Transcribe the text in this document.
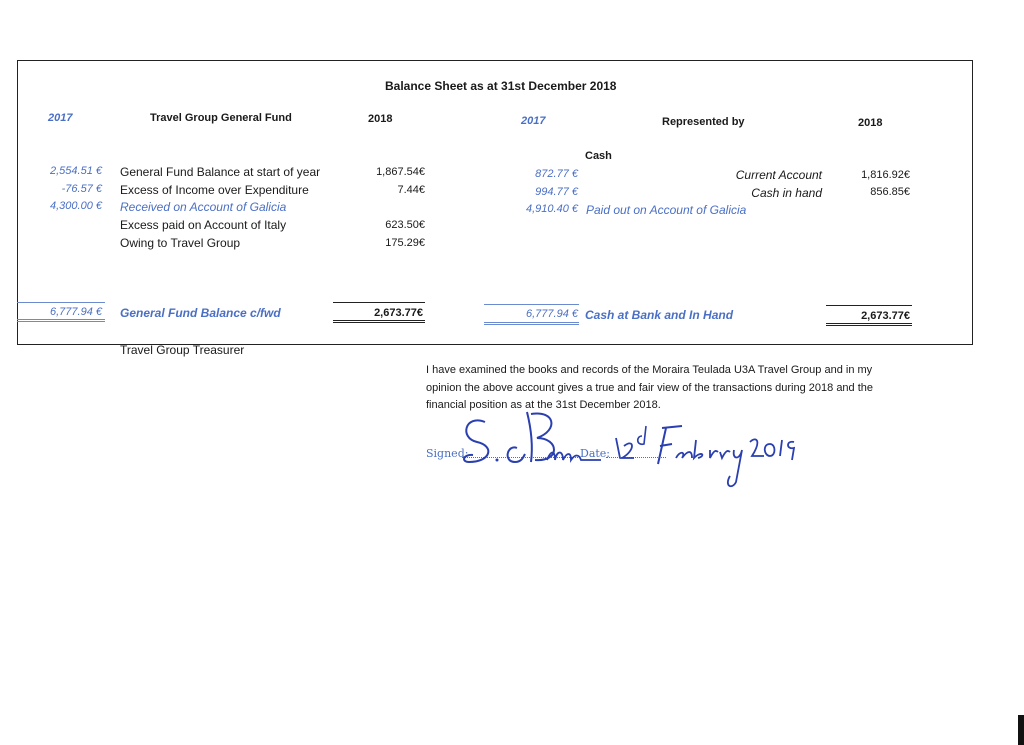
Balance Sheet as at 31st December 2018
2017	Travel Group General Fund	2018	2017	Represented by	2018
Cash
2,554.51 € General Fund Balance at start of year	1,867.54€
-76.57 € Excess of Income over Expenditure	7.44€
4,300.00 € Received on Account of Galicia
Excess paid on Account of Italy	623.50€
Owing to Travel Group	175.29€
872.77 €	Current Account	1,816.92€
994.77 €	Cash in hand	856.85€
4,910.40 € Paid out on Account of Galicia
6,777.94 € General Fund Balance c/fwd	2,673.77€	6,777.94 € Cash at Bank and In Hand	2,673.77€
Travel Group Treasurer
I have examined the books and records of the Moraira Teulada U3A Travel Group and in my
opinion the above account gives a true and fair view of the transactions during 2018 and the
financial position as at the 31st December 2018.
Signed:	Date:
